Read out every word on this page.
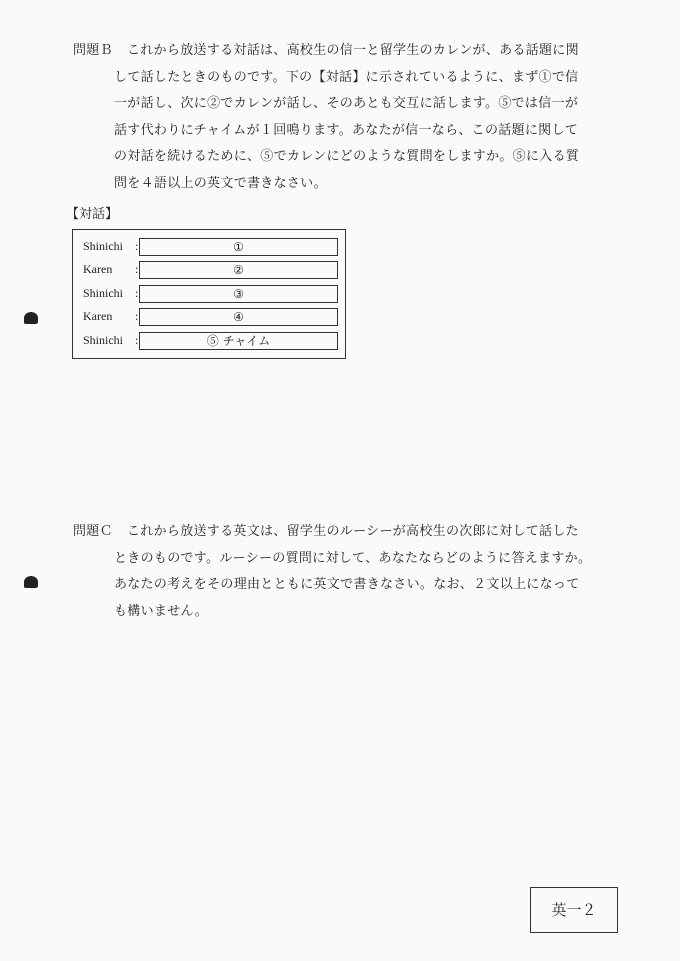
問題Ｂ これから放送する対話は、高校生の信一と留学生のカレンが、ある話題に関
して話したときのものです。下の【対話】に示されているように、まず①で信
一が話し、次に②でカレンが話し、そのあとも交互に話します。⑤では信一が
話す代わりにチャイムが１回鳴ります。あなたが信一なら、この話題に関して
の対話を続けるために、⑤でカレンにどのような質問をしますか。⑤に入る質
問を４語以上の英文で書きなさい。
【対話】
Shinichi :	①
Karen :	②
Shinichi :	③
Karen :	④
Shinichi :	⑤ チャイム
問題Ｃ これから放送する英文は、留学生のルーシーが高校生の次郎に対して話した
ときのものです。ルーシーの質問に対して、あなたならどのように答えますか。
あなたの考えをその理由とともに英文で書きなさい。なお、２文以上になって
も構いません。
英一２
